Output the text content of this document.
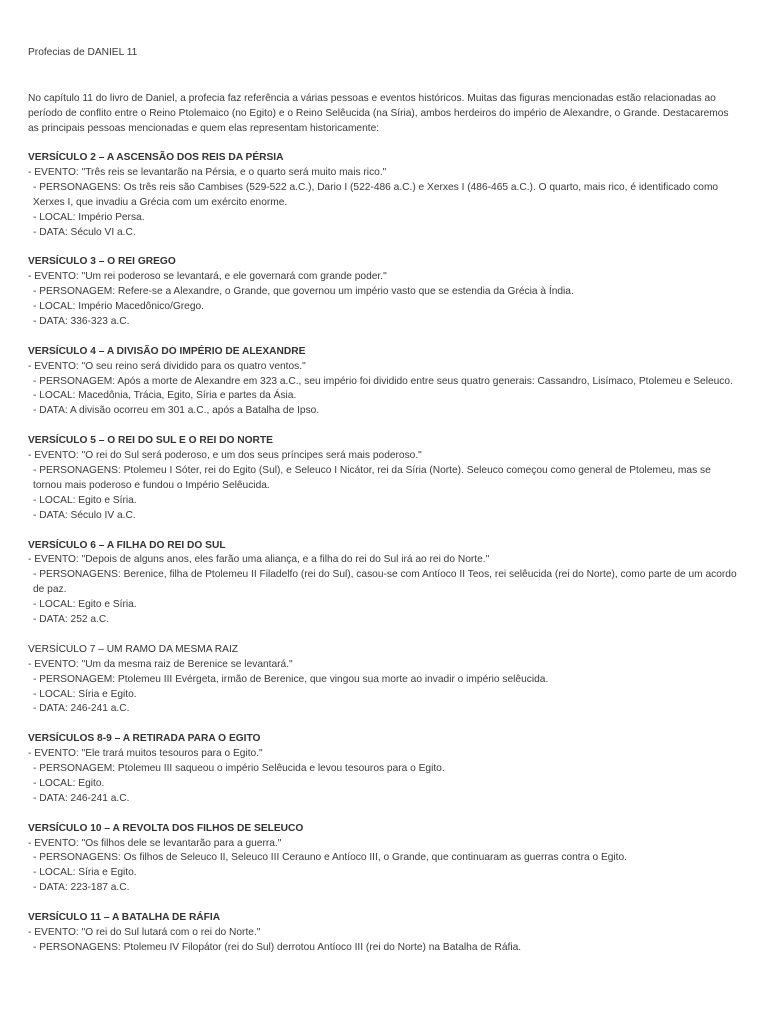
Profecias de DANIEL 11

No capítulo 11 do livro de Daniel, a profecia faz referência a várias pessoas e eventos históricos. Muitas das figuras mencionadas estão relacionadas ao período de conflito entre o Reino Ptolemaico (no Egito) e o Reino Selêucida (na Síria), ambos herdeiros do império de Alexandre, o Grande. Destacaremos as principais pessoas mencionadas e quem elas representam historicamente:

VERSÍCULO 2 – A ASCENSÃO DOS REIS DA PÉRSIA

- EVENTO: "Três reis se levantarão na Pérsia, e o quarto será muito mais rico."

- PERSONAGENS: Os três reis são Cambises (529-522 a.C.), Dario I (522-486 a.C.) e Xerxes I (486-465 a.C.). O quarto, mais rico, é identificado como Xerxes I, que invadiu a Grécia com um exército enorme.

- LOCAL: Império Persa.

- DATA: Século VI a.C.

VERSÍCULO 3 – O REI GREGO

- EVENTO: "Um rei poderoso se levantará, e ele governará com grande poder."

- PERSONAGEM: Refere-se a Alexandre, o Grande, que governou um império vasto que se estendia da Grécia à Índia.

- LOCAL: Império Macedônico/Grego.

- DATA: 336-323 a.C.

VERSÍCULO 4 – A DIVISÃO DO IMPÉRIO DE ALEXANDRE

- EVENTO: "O seu reino será dividido para os quatro ventos."

- PERSONAGEM: Após a morte de Alexandre em 323 a.C., seu império foi dividido entre seus quatro generais: Cassandro, Lisímaco, Ptolemeu e Seleuco.

- LOCAL: Macedônia, Trácia, Egito, Síria e partes da Ásia.

- DATA: A divisão ocorreu em 301 a.C., após a Batalha de Ipso.

VERSÍCULO 5 – O REI DO SUL E O REI DO NORTE

- EVENTO: "O rei do Sul será poderoso, e um dos seus príncipes será mais poderoso."

- PERSONAGENS: Ptolemeu I Sóter, rei do Egito (Sul), e Seleuco I Nicátor, rei da Síria (Norte). Seleuco começou como general de Ptolemeu, mas se tornou mais poderoso e fundou o Império Selêucida.

- LOCAL: Egito e Síria.

- DATA: Século IV a.C.

VERSÍCULO 6 – A FILHA DO REI DO SUL

- EVENTO: "Depois de alguns anos, eles farão uma aliança, e a filha do rei do Sul irá ao rei do Norte."

- PERSONAGENS: Berenice, filha de Ptolemeu II Filadelfo (rei do Sul), casou-se com Antíoco II Teos, rei selêucida (rei do Norte), como parte de um acordo de paz.

- LOCAL: Egito e Síria.

- DATA: 252 a.C.

VERSÍCULO 7 – UM RAMO DA MESMA RAIZ

- EVENTO: "Um da mesma raiz de Berenice se levantará."

- PERSONAGEM: Ptolemeu III Evérgeta, irmão de Berenice, que vingou sua morte ao invadir o império selêucida.

- LOCAL: Síria e Egito.

- DATA: 246-241 a.C.

VERSÍCULOS 8-9 – A RETIRADA PARA O EGITO

- EVENTO: "Ele trará muitos tesouros para o Egito."

- PERSONAGEM: Ptolemeu III saqueou o império Selêucida e levou tesouros para o Egito.

- LOCAL: Egito.

- DATA: 246-241 a.C.

VERSÍCULO 10 – A REVOLTA DOS FILHOS DE SELEUCO

- EVENTO: "Os filhos dele se levantarão para a guerra."

- PERSONAGENS: Os filhos de Seleuco II, Seleuco III Cerauno e Antíoco III, o Grande, que continuaram as guerras contra o Egito.

- LOCAL: Síria e Egito.

- DATA: 223-187 a.C.

VERSÍCULO 11 – A BATALHA DE RÁFIA

- EVENTO: "O rei do Sul lutará com o rei do Norte."

- PERSONAGENS: Ptolemeu IV Filopátor (rei do Sul) derrotou Antíoco III (rei do Norte) na Batalha de Ráfia.
